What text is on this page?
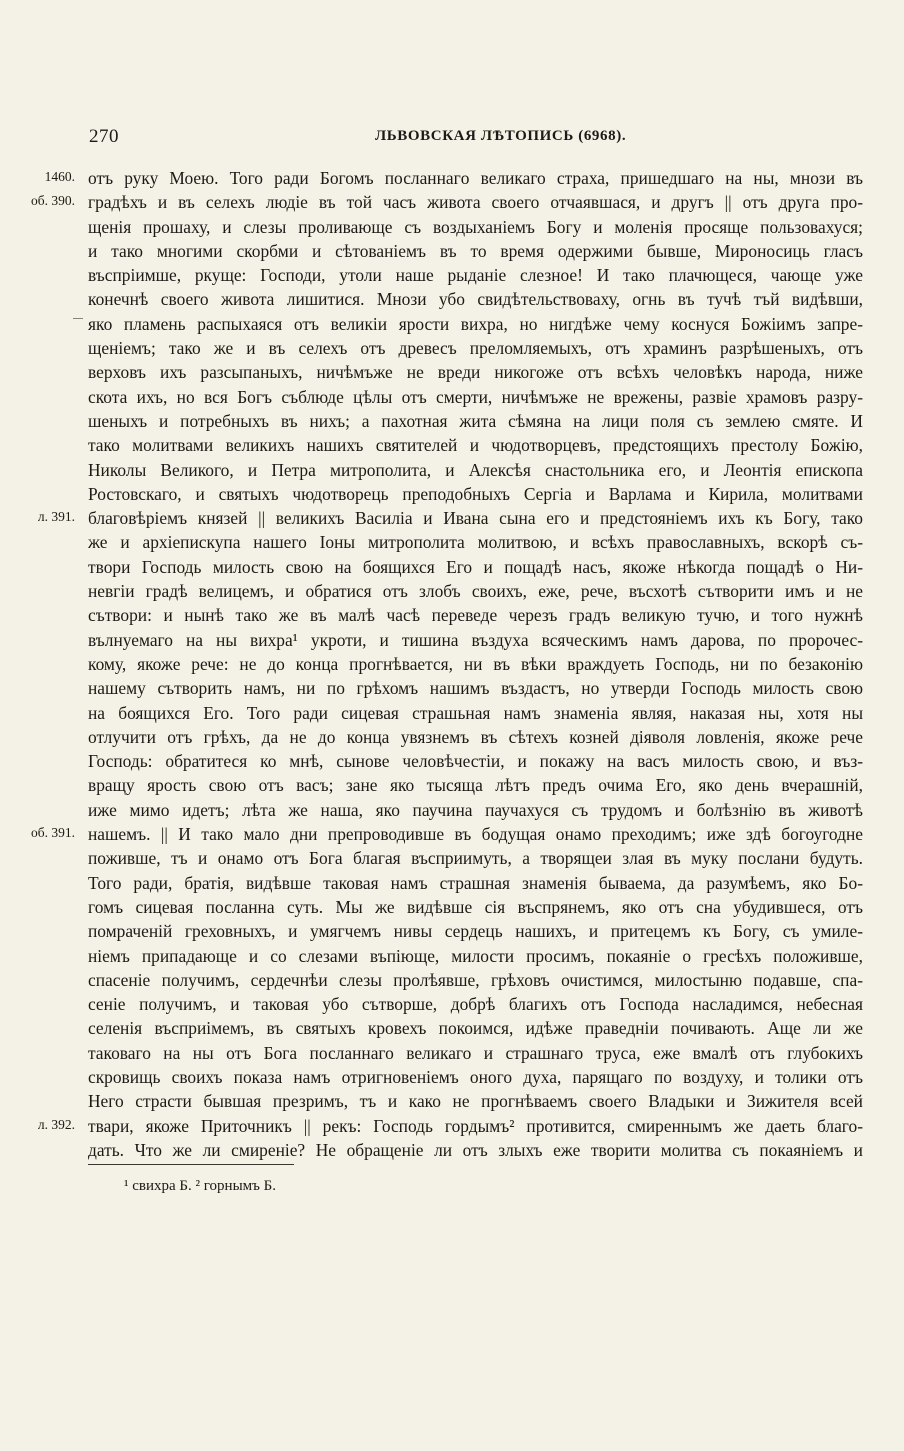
270	ЛЬВОВСКАЯ ЛѢТОПИСЬ (6968).
1460. отъ руку Моею. Того ради Богомъ посланнагo великаго страха, пришедшаго на ны, мнози въ
об. 390. градѣхъ и въ селехъ людіе въ той часъ живота своего отчаявшася, и другъ || отъ друга про-
щенія прошаху, и слезы проливающе съ воздыханіемъ Богу и моленія просяще пользовахуся;
и тако многими скорбми и сѣтованіемъ въ то время одержими бывше, Мироносиць гласъ
въспріимше, ркуще: Господи, утоли наше рыданіе слезное! И тако плачющеся, чающе уже
конечнѣ своего живота лишитися. Мнози убо свидѣтельствоваху, огнь въ тучѣ тъй видѣвши,
яко пламень распыхаяся отъ великіи ярости вихра, но нигдѣже чему коснуся Божіимъ запре-
щеніемъ; тако же и въ селехъ отъ древесъ преломляемыхъ, отъ храминъ разрѣшеныхъ, отъ
верховъ ихъ разсыпаныхъ, ничѣмъже не вреди никогоже отъ всѣхъ человѣкъ народа, ниже
скота ихъ, но вся Богъ съблюде цѣлы отъ смерти, ничѣмъже не врежены, развіе храмовъ разру-
шеныхъ и потребныхъ въ нихъ; а пахотная жита сѣмяна на лици поля съ землею смяте. И
тако молитвами великихъ нашихъ святителей и чюдотворцевъ, предстоящихъ престолу Божію,
Николы Великого, и Петра митрополита, и Алексѣя снастольника его, и Леонтія епископа
Ростовскаго, и святыхъ чюдотворець преподобныхъ Сергіа и Варлама и Кирила, молитвами
л. 391. благовѣріемъ князей || великихъ Василіа и Ивана сына его и предстояніемъ ихъ къ Богу, тако
же и архіепискупа нашего Іоны митрополита молитвою, и всѣхъ православныхъ, вскорѣ съ-
твори Господь милость свою на боящихся Его и пощадѣ насъ, якоже нѣкогда пощадѣ о Ни-
невгіи градѣ велицемъ, и обратися отъ злобъ своихъ, еже, рече, въсхотѣ сътворити имъ и не
сътвори: и нынѣ тако же въ малѣ часѣ переведе черезъ градъ великую тучю, и того нужнѣ
вълнуемаго на ны вихра¹ укроти, и тишина въздуха всяческимъ намъ дарова, по пророчес-
кому, якоже рече: не до конца прогнѣвается, ни въ вѣки враждуеть Господь, ни по безаконію
нашему сътворить намъ, ни по грѣхомъ нашимъ въздастъ, но утверди Господь милость свою
на боящихся Его. Того ради сицевая страшьная намъ знаменіа являя, наказая ны, хотя ны
отлучити отъ грѣхъ, да не до конца увязнемъ въ сѣтехъ козней діяволя ловленія, якоже рече
Господь: обратитеся ко мнѣ, сынове человѣчестіи, и покажу на васъ милость свою, и въз-
вращу ярость свою отъ васъ; зане яко тысяща лѣтъ предъ очима Его, яко день вчерашній,
иже мимо идетъ; лѣта же наша, яко паучина паучахуся съ трудомъ и болѣзнію въ животѣ
об. 391. нашемъ. || И тако мало дни препроводивше въ бодущая онамо преходимъ; иже здѣ богоугодне
поживше, тъ и онамо отъ Бога благая въсприимуть, а творящеи злая въ муку послани будуть.
Того ради, братія, видѣвше таковая намъ страшная знаменія бываема, да разумѣемъ, яко Бо-
гомъ сицевая посланна суть. Мы же видѣвше сія въспрянемъ, яко отъ сна убудившеся, отъ
помраченій греховныхъ, и умягчемъ нивы сердець нашихъ, и притецемъ къ Богу, съ умиле-
ніемъ припадающе и со слезами въпіюще, милости просимъ, покаяніе о гресѣхъ положивше,
спасеніе получимъ, сердечнѣи слезы пролѣявше, грѣховъ очистимся, милостыню подавше, спа-
сеніе получимъ, и таковая убо сътворше, добрѣ благихъ отъ Господа насладимся, небесная
селенія въсприімемъ, въ святыхъ кровехъ покоимся, идѣже праведніи почивають. Аще ли же
таковаго на ны отъ Бога посланнаго великаго и страшнаго труса, еже вмалѣ отъ глубокихъ
скровищь своихъ показа намъ отригновеніемъ оного духа, парящаго по воздуху, и толики отъ
Него страсти бывшая презримъ, тъ и како не прогнѣваемъ своего Владыки и Зижителя всей
л. 392. твари, якоже Приточникъ || рекъ: Господь гордымъ² противится, смиреннымъ же даеть благо-
дать. Что же ли смиреніе? Не обращеніе ли отъ злыхъ еже творити молитва съ покаяніемъ и
¹ свихра Б. ² горнымъ Б.
